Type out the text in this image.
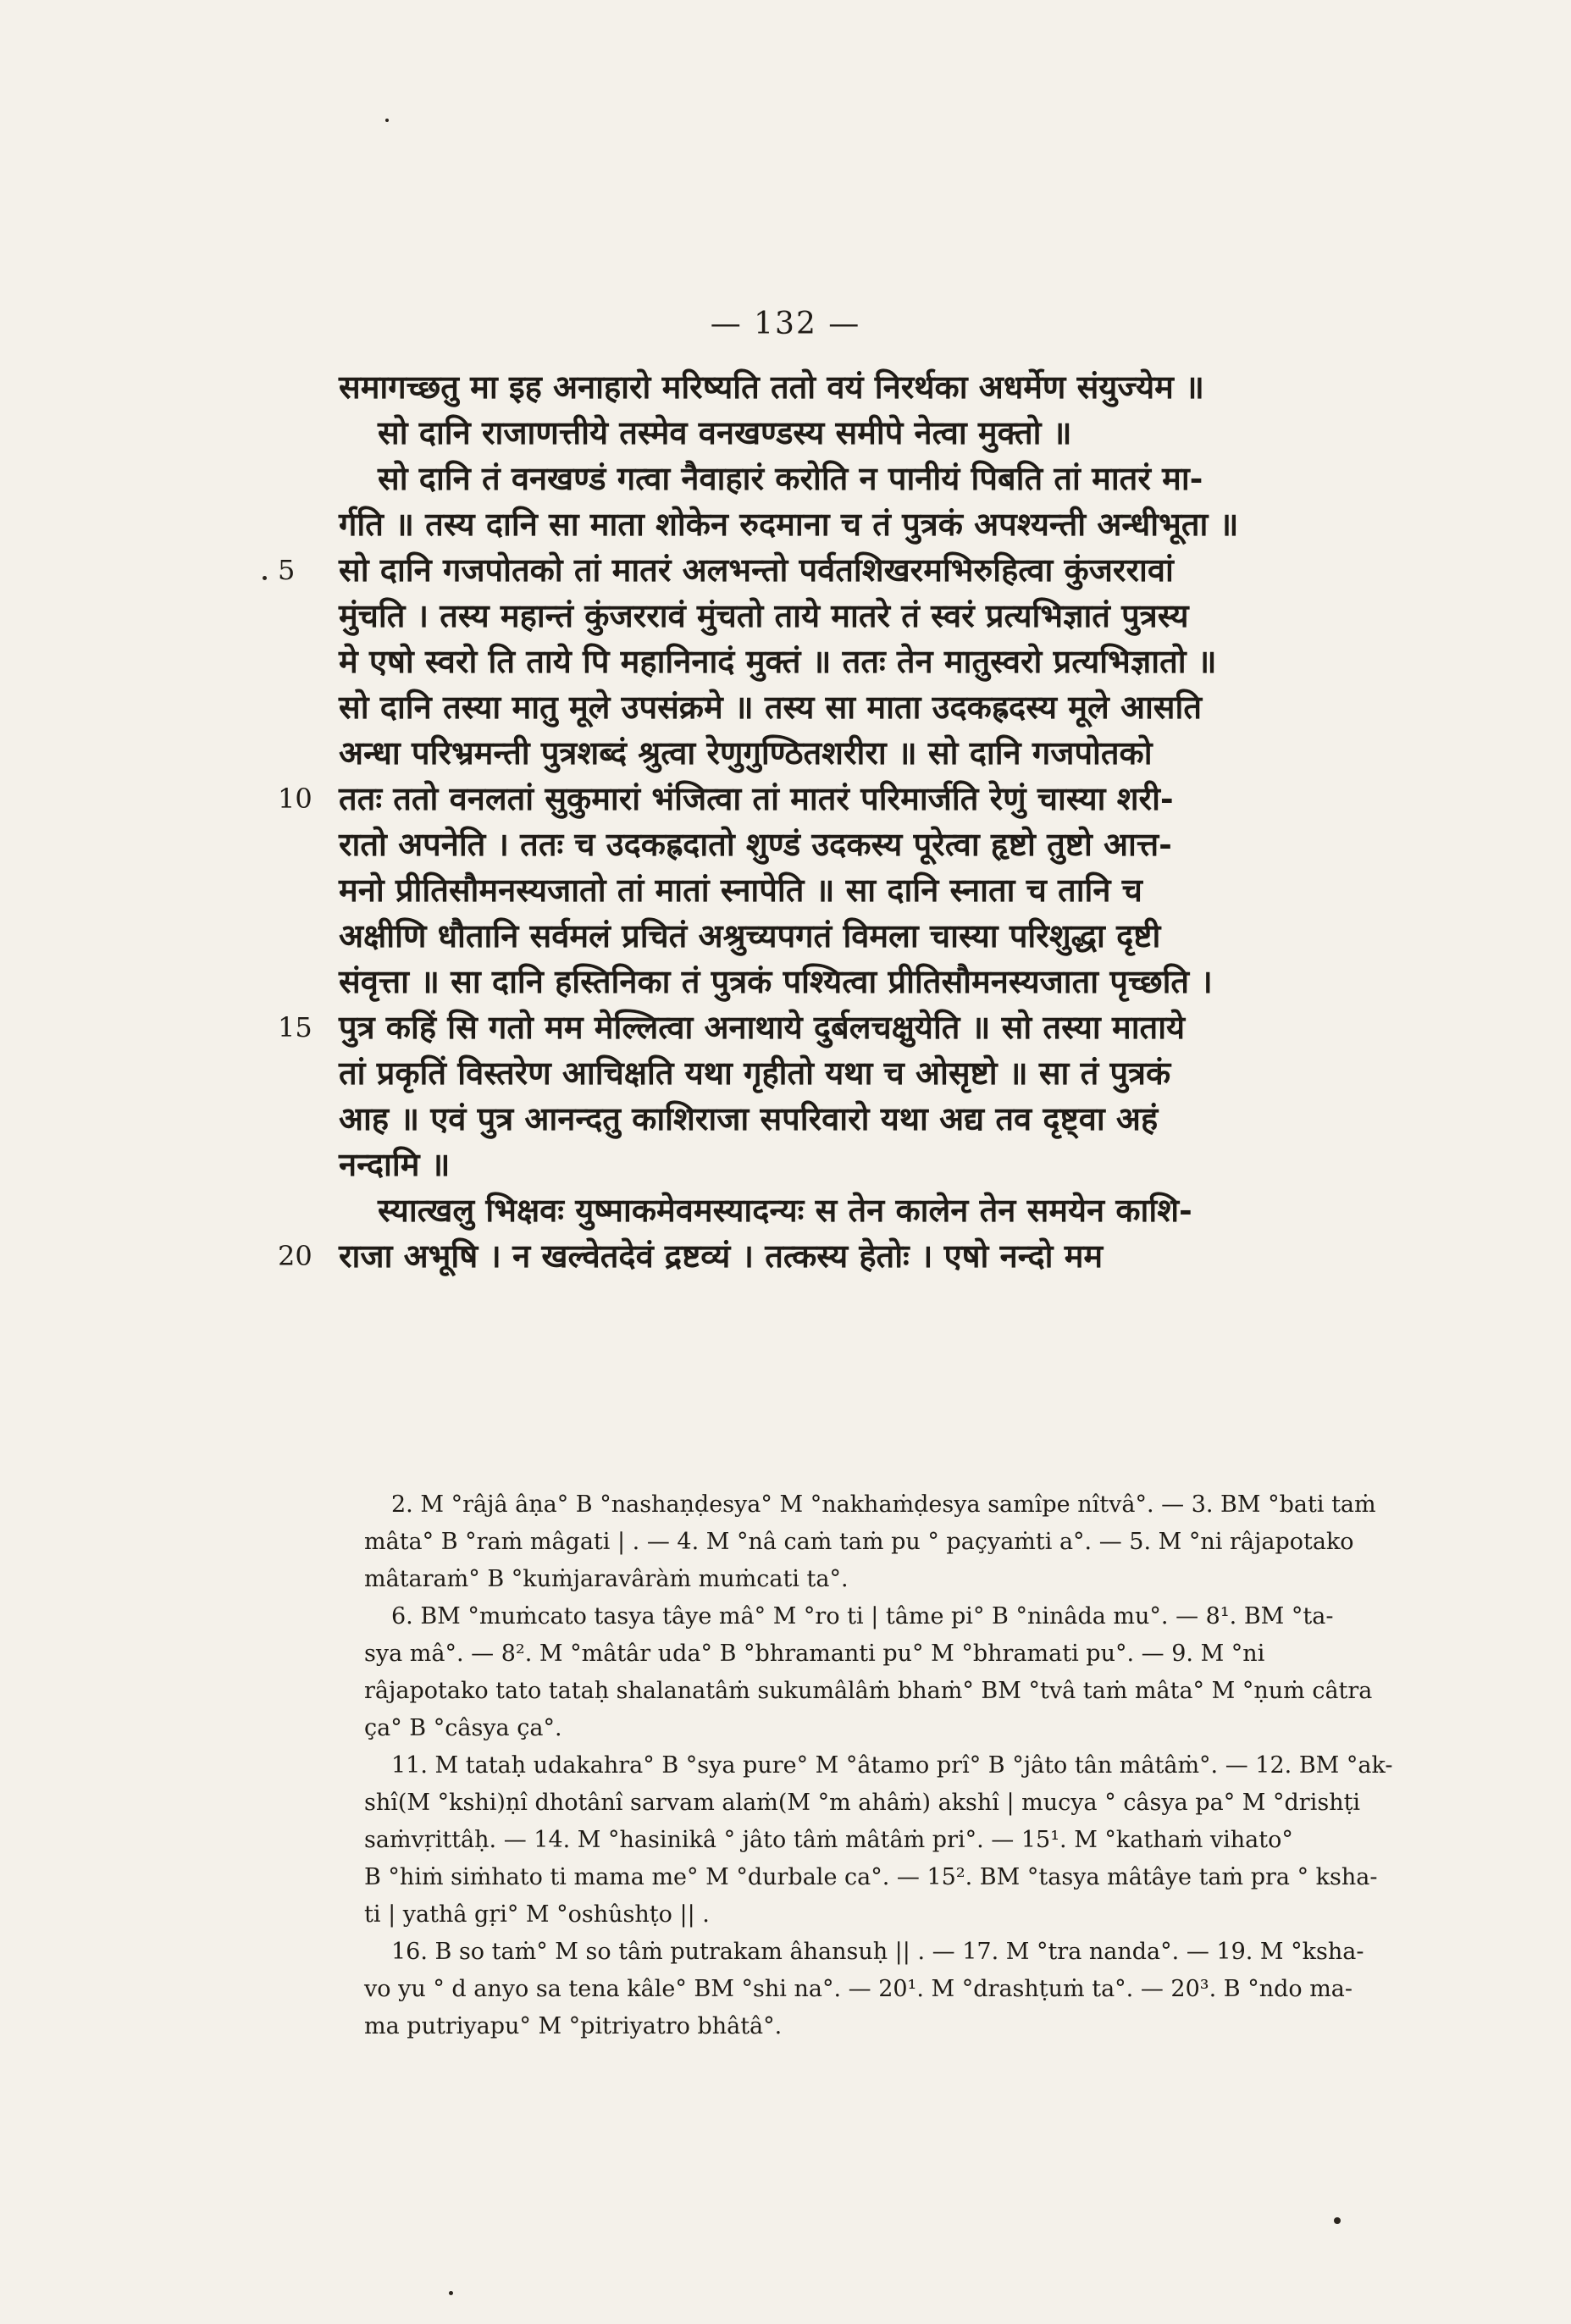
— 132 —
समागच्छतु मा इह अनाहारो मरिष्यति ततो वयं निरर्थका अधर्मेण संयुज्येम ॥
सो दानि राजाणत्तीये तस्मेव वनखण्डस्य समीपे नेत्वा मुक्तो ॥
सो दानि तं वनखण्डं गत्वा नैवाहारं करोति न पानीयं पिबति तां मातरं मा-
र्गति ॥ तस्य दानि सा माता शोकेन रुदमाना च तं पुत्रकं अपश्यन्ती अन्धीभूता ॥
5 सो दानि गजपोतको तां मातरं अलभन्तो पर्वतशिखरमभिरुहित्वा कुंजररावां
मुंचति । तस्य महान्तं कुंजररावं मुंचतो ताये मातरे तं स्वरं प्रत्यभिज्ञातं पुत्रस्य
मे एषो स्वरो ति ताये पि महानिनादं मुक्तं ॥ ततः तेन मातुस्वरो प्रत्यभिज्ञातो ॥
सो दानि तस्या मातु मूले उपसंक्रमे ॥ तस्य सा माता उदकह्रदस्य मूले आसति
अन्धा परिभ्रमन्ती पुत्रशब्दं श्रुत्वा रेणुगुण्ठितशरीरा ॥ सो दानि गजपोतको
10 ततः ततो वनलतां सुकुमारां भंजित्वा तां मातरं परिमार्जति रेणुं चास्या शरी-
रातो अपनेति । ततः च उदकह्रदातो शुण्डं उदकस्य पूरेत्वा हृष्टो तुष्टो आत्त-
मनो प्रीतिसौमनस्यजातो तां मातां स्नापेति ॥ सा दानि स्नाता च तानि च
अक्षीणि धौतानि सर्वमलं प्रचितं अश्रुच्यपगतं विमला चास्या परिशुद्धा दृष्टी
संवृत्ता ॥ सा दानि हस्तिनिका तं पुत्रकं पश्यित्वा प्रीतिसौमनस्यजाता पृच्छति ।
15 पुत्र कहिं सि गतो मम मेल्लित्वा अनाथाये दुर्बलचक्षुयेति ॥ सो तस्या माताये
तां प्रकृतिं विस्तरेण आचिक्षति यथा गृहीतो यथा च ओसृष्टो ॥ सा तं पुत्रकं
आह ॥ एवं पुत्र आनन्दतु काशिराजा सपरिवारो यथा अद्य तव दृष्ट्वा अहं
नन्दामि ॥
स्यात्खलु भिक्षवः युष्माकमेवमस्यादन्यः स तेन कालेन तेन समयेन काशि-
20 राजा अभूषि । न खल्वेतदेवं द्रष्टव्यं । तत्कस्य हेतोः । एषो नन्दो मम
2. M °râjâ âṇa° B °nashaṇḍesya° M °nakhaṁḍesya samîpe nîtvâ°. — 3. BM °bati taṁ
mâta° B °raṁ mâgati | . — 4. M °nâ caṁ taṁ pu ° paçyaṁti a°. — 5. M °ni râjapotako
mâtaraṁ° B °kuṁjaravâràṁ muṁcati ta°.
6. BM °muṁcato tasya tâye mâ° M °ro ti | tâme pi° B °ninâda mu°. — 8¹. BM °ta-
sya mâ°. — 8². M °mâtâr uda° B °bhramanti pu° M °bhramati pu°. — 9. M °ni
râjapotako tato tataḥ shalanatâṁ sukumâlâṁ bhaṁ° BM °tvâ taṁ mâta° M °ṇuṁ câtra
ça° B °câsya ça°.
11. M tataḥ udakahra° B °sya pure° M °âtamo prî° B °jâto tân mâtâṁ°. — 12. BM °ak-
shî(M °kshi)ṇî dhotânî sarvam alaṁ(M °m ahâṁ) akshî | mucya ° câsya pa° M °drishṭi
saṁvṛittâḥ. — 14. M °hasinikâ ° jâto tâṁ mâtâṁ pri°. — 15¹. M °kathaṁ vihato°
B °hiṁ siṁhato ti mama me° M °durbale ca°. — 15². BM °tasya mâtâye taṁ pra ° ksha-
ti | yathâ gṛi° M °oshûshṭo || .
16. B so taṁ° M so tâṁ putrakam âhansuḥ || . — 17. M °tra nanda°. — 19. M °ksha-
vo yu ° d anyo sa tena kâle° BM °shi na°. — 20¹. M °drashṭuṁ ta°. — 20³. B °ndo ma-
ma putriyapu° M °pitriyatro bhâtâ°.
